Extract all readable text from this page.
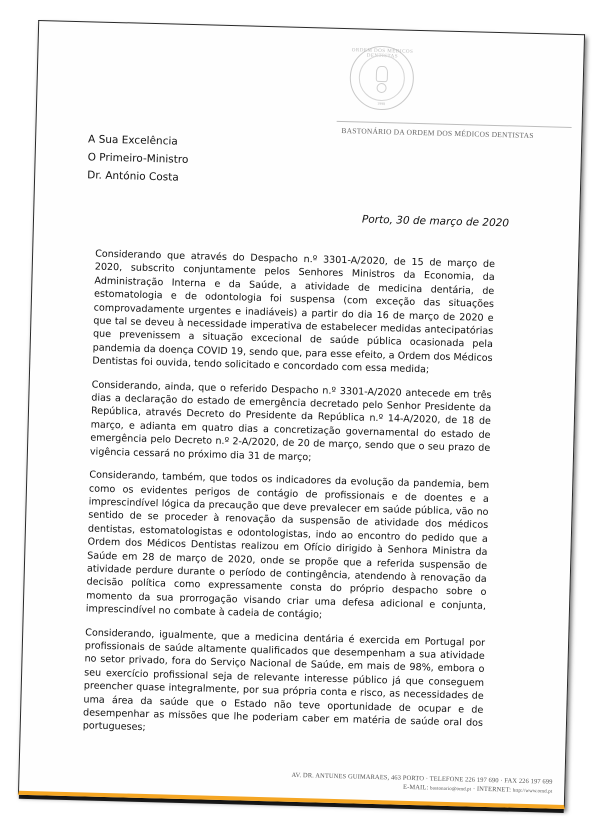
ORDEM DOS MÉDICOS DENTISTAS
1998
BASTONÁRIO DA ORDEM DOS MÉDICOS DENTISTAS
A Sua Excelência
O Primeiro-Ministro
Dr. António Costa
Porto, 30 de março de 2020

Considerando que através do Despacho n.º 3301-A/2020, de 15 de março de 2020, subscrito conjuntamente pelos Senhores Ministros da Economia, da Administração Interna e da Saúde, a atividade de medicina dentária, de estomatologia e de odontologia foi suspensa (com exceção das situações comprovadamente urgentes e inadiáveis) a partir do dia 16 de março de 2020 e que tal se deveu à necessidade imperativa de estabelecer medidas antecipatórias que prevenissem a situação excecional de saúde pública ocasionada pela pandemia da doença COVID 19, sendo que, para esse efeito, a Ordem dos Médicos Dentistas foi ouvida, tendo solicitado e concordado com essa medida;

Considerando, ainda, que o referido Despacho n.º 3301-A/2020 antecede em três dias a declaração do estado de emergência decretado pelo Senhor Presidente da República, através Decreto do Presidente da República n.º 14-A/2020, de 18 de março, e adianta em quatro dias a concretização governamental do estado de emergência pelo Decreto n.º 2-A/2020, de 20 de março, sendo que o seu prazo de vigência cessará no próximo dia 31 de março;

Considerando, também, que todos os indicadores da evolução da pandemia, bem como os evidentes perigos de contágio de profissionais e de doentes e a imprescindível lógica da precaução que deve prevalecer em saúde pública, vão no sentido de se proceder à renovação da suspensão de atividade dos médicos dentistas, estomatologistas e odontologistas, indo ao encontro do pedido que a Ordem dos Médicos Dentistas realizou em Ofício dirigido à Senhora Ministra da Saúde em 28 de março de 2020, onde se propõe que a referida suspensão de atividade perdure durante o período de contingência, atendendo à renovação da decisão política como expressamente consta do próprio despacho sobre o momento da sua prorrogação visando criar uma defesa adicional e conjunta, imprescindível no combate à cadeia de contágio;

Considerando, igualmente, que a medicina dentária é exercida em Portugal por profissionais de saúde altamente qualificados que desempenham a sua atividade no setor privado, fora do Serviço Nacional de Saúde, em mais de 98%, embora o seu exercício profissional seja de relevante interesse público já que conseguem preencher quase integralmente, por sua própria conta e risco, as necessidades de uma área da saúde que o Estado não teve oportunidade de ocupar e de desempenhar as missões que lhe poderiam caber em matéria de saúde oral dos portugueses;

AV. DR. ANTUNES GUIMARAES, 463 PORTO · TELEFONE 226 197 690 · FAX 226 197 699
E-MAIL: bastonario@omd.pt · INTERNET: http://www.omd.pt
